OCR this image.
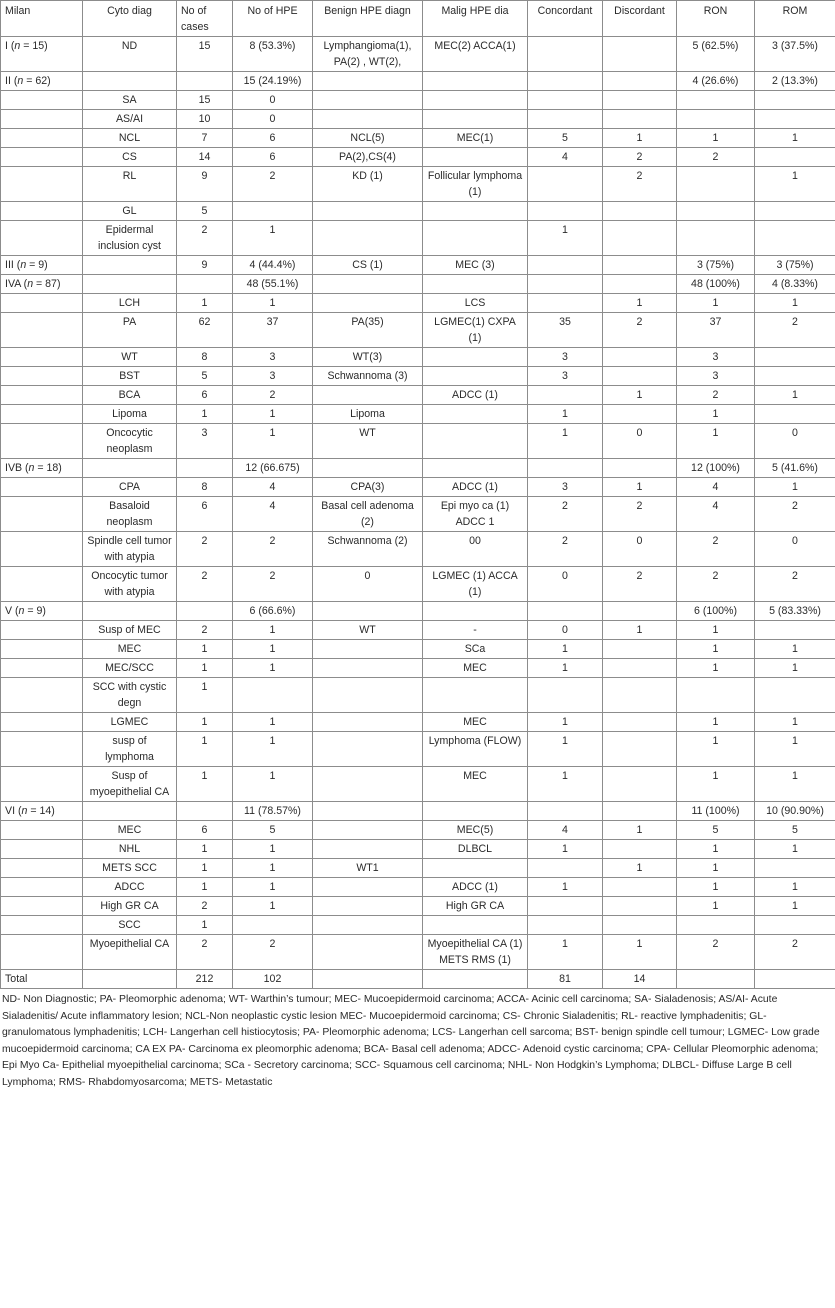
Milan	Cyto diag	No of cases	No of HPE	Benign HPE diagn	Malig HPE dia	Concordant	Discordant	RON	ROM
I (n = 15)	ND	15	8 (53.3%)	Lymphangioma(1), PA(2) , WT(2),	MEC(2) ACCA(1)			5 (62.5%)	3 (37.5%)
II (n = 62)			15 (24.19%)					4 (26.6%)	2 (13.3%)
	SA	15	0						
	AS/AI	10	0						
	NCL	7	6	NCL(5)	MEC(1)	5	1	1	1
	CS	14	6	PA(2),CS(4)		4	2	2	
	RL	9	2	KD (1)	Follicular lymphoma (1)		2		1
	GL	5							
	Epidermal inclusion cyst	2	1			1			
III (n = 9)		9	4 (44.4%)	CS (1)	MEC (3)			3 (75%)	3 (75%)
IVA (n = 87)			48 (55.1%)					48 (100%)	4 (8.33%)
	LCH	1	1		LCS		1	1	1
	PA	62	37	PA(35)	LGMEC(1) CXPA (1)	35	2	37	2
	WT	8	3	WT(3)		3		3	
	BST	5	3	Schwannoma (3)		3		3	
	BCA	6	2		ADCC (1)		1	2	1
	Lipoma	1	1	Lipoma		1		1	
	Oncocytic neoplasm	3	1	WT		1	0	1	0
IVB (n = 18)			12 (66.675)					12 (100%)	5 (41.6%)
	CPA	8	4	CPA(3)	ADCC (1)	3	1	4	1
	Basaloid neoplasm	6	4	Basal cell adenoma (2)	Epi myo ca (1) ADCC 1	2	2	4	2
	Spindle cell tumor with atypia	2	2	Schwannoma (2)	00	2	0	2	0
	Oncocytic tumor with atypia	2	2	0	LGMEC (1) ACCA (1)	0	2	2	2
V (n = 9)			6 (66.6%)					6 (100%)	5 (83.33%)
	Susp of MEC	2	1	WT	-	0	1	1	
	MEC	1	1		SCa	1		1	1
	MEC/SCC	1	1		MEC	1		1	1
	SCC with cystic degn	1							
	LGMEC	1	1		MEC	1		1	1
	susp of lymphoma	1	1		Lymphoma (FLOW)	1		1	1
	Susp of myoepithelial CA	1	1		MEC	1		1	1
VI (n = 14)			11 (78.57%)					11 (100%)	10 (90.90%)
	MEC	6	5		MEC(5)	4	1	5	5
	NHL	1	1		DLBCL	1		1	1
	METS SCC	1	1	WT1			1	1	
	ADCC	1	1		ADCC (1)	1		1	1
	High GR CA	2	1		High GR CA			1	1
	SCC	1							
	Myoepithelial CA	2	2		Myoepithelial CA (1) METS RMS (1)	1	1	2	2
Total		212	102			81	14		
ND- Non Diagnostic; PA- Pleomorphic adenoma; WT- Warthin’s tumour; MEC- Mucoepidermoid carcinoma; ACCA- Acinic cell carcinoma; SA- Sialadenosis; AS/AI- Acute Sialadenitis/ Acute inflammatory lesion; NCL-Non neoplastic cystic lesion MEC- Mucoepidermoid carcinoma; CS- Chronic Sialadenitis; RL- reactive lymphadenitis; GL- granulomatous lymphadenitis; LCH- Langerhan cell histiocytosis; PA- Pleomorphic adenoma; LCS- Langerhan cell sarcoma; BST- benign spindle cell tumour; LGMEC- Low grade mucoepidermoid carcinoma; CA EX PA- Carcinoma ex pleomorphic adenoma; BCA- Basal cell adenoma; ADCC- Adenoid cystic carcinoma; CPA- Cellular Pleomorphic adenoma; Epi Myo Ca- Epithelial myoepithelial carcinoma; SCa - Secretory carcinoma; SCC- Squamous cell carcinoma; NHL- Non Hodgkin’s Lymphoma; DLBCL- Diffuse Large B cell Lymphoma; RMS- Rhabdomyosarcoma; METS- Metastatic
